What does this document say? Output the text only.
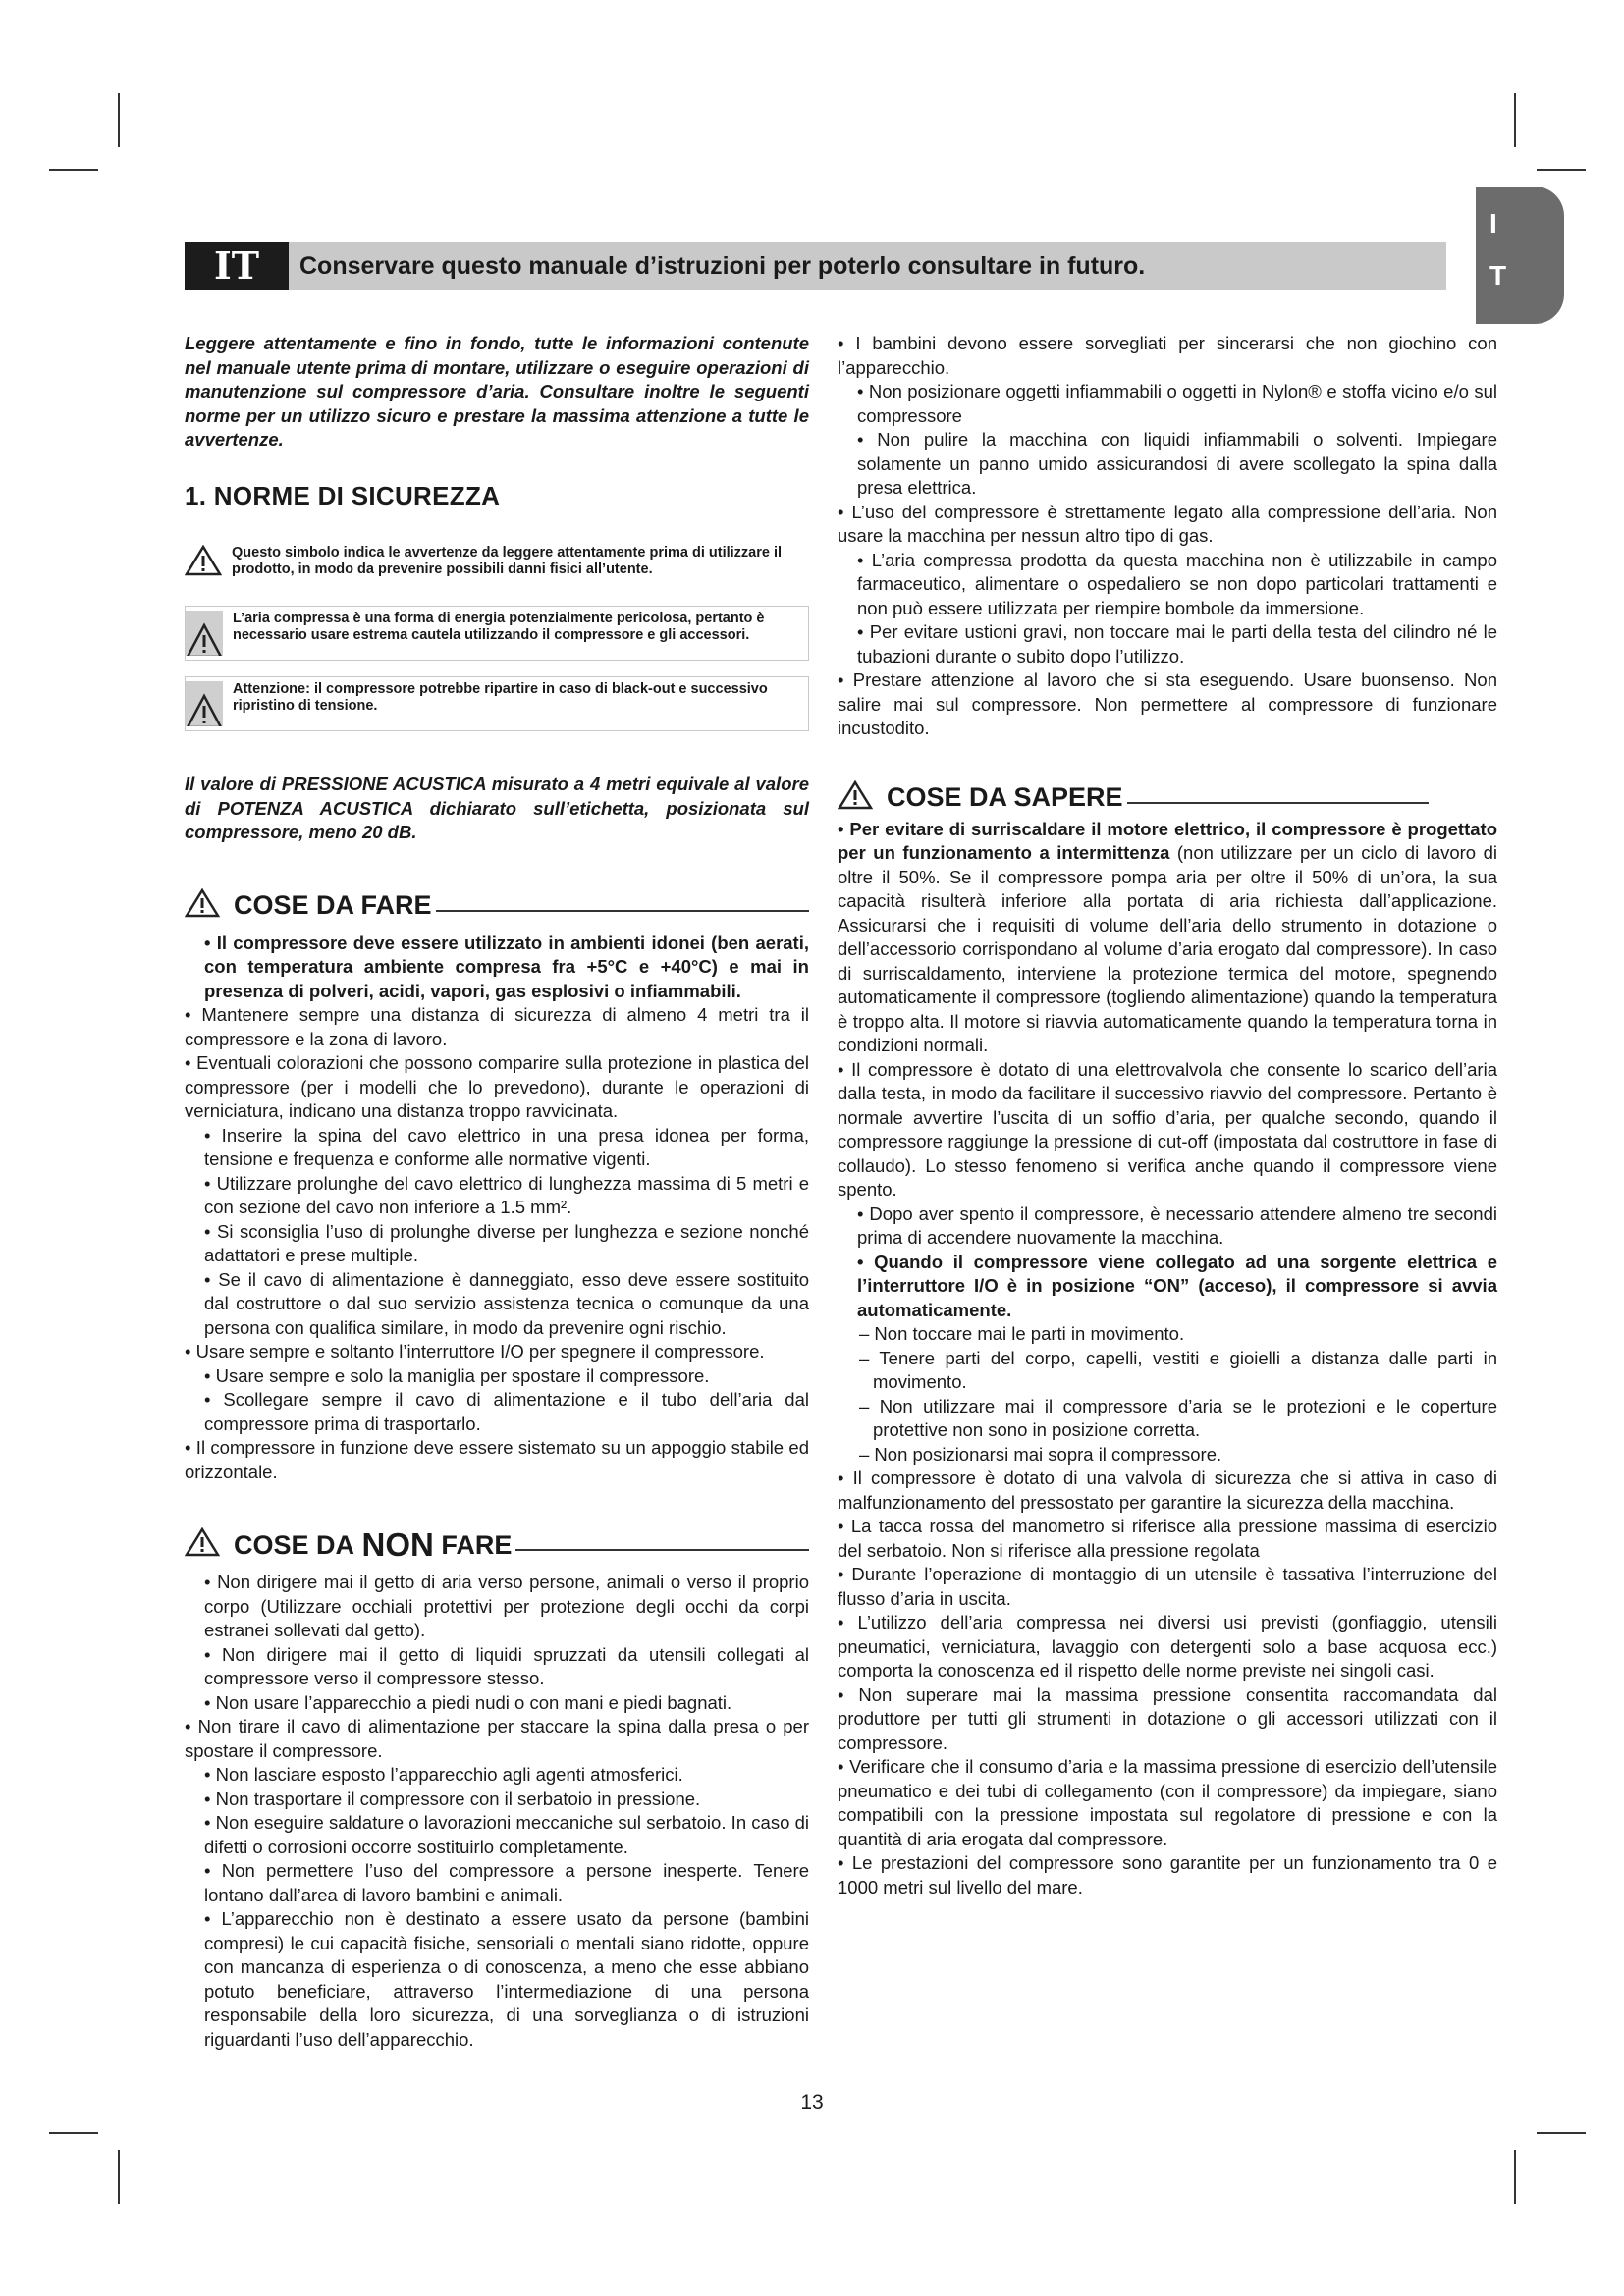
I
T
IT	Conservare questo manuale d’istruzioni per poterlo consultare in futuro.

Leggere attentamente e fino in fondo, tutte le informazioni contenute nel manuale utente prima di montare, utilizzare o eseguire operazioni di manutenzione sul compressore d’aria. Consultare inoltre le seguenti norme per un utilizzo sicuro e prestare la massima attenzione a tutte le avvertenze.

1. NORME DI SICUREZZA
Questo simbolo indica le avvertenze da leggere attentamente prima di utilizzare il prodotto, in modo da prevenire possibili danni fisici all’utente.
L’aria compressa è una forma di energia potenzialmente pericolosa, pertanto è necessario usare estrema cautela utilizzando il compressore e gli accessori.
Attenzione: il compressore potrebbe ripartire in caso di black-out e successivo ripristino di tensione.

Il valore di PRESSIONE ACUSTICA misurato a 4 metri equivale al valore di POTENZA ACUSTICA dichiarato sull’etichetta, posizionata sul compressore, meno 20 dB.

COSE DA FARE

• Il compressore deve essere utilizzato in ambienti idonei (ben aerati, con temperatura ambiente compresa fra +5°C e +40°C) e mai in presenza di polveri, acidi, vapori, gas esplosivi o infiammabili.

• Mantenere sempre una distanza di sicurezza di almeno 4 metri tra il compressore e la zona di lavoro.

• Eventuali colorazioni che possono comparire sulla protezione in plastica del compressore (per i modelli che lo prevedono), durante le operazioni di verniciatura, indicano una distanza troppo ravvicinata.

• Inserire la spina del cavo elettrico in una presa idonea per forma, tensione e frequenza e conforme alle normative vigenti.

• Utilizzare prolunghe del cavo elettrico di lunghezza massima di 5 metri e con sezione del cavo non inferiore a 1.5 mm².

• Si sconsiglia l’uso di prolunghe diverse per lunghezza e sezione nonché adattatori e prese multiple.

• Se il cavo di alimentazione è danneggiato, esso deve essere sostituito dal costruttore o dal suo servizio assistenza tecnica o comunque da una persona con qualifica similare, in modo da prevenire ogni rischio.

• Usare sempre e soltanto l’interruttore I/O per spegnere il compressore.

• Usare sempre e solo la maniglia per spostare il compressore.

• Scollegare sempre il cavo di alimentazione e il tubo dell’aria dal compressore prima di trasportarlo.

• Il compressore in funzione deve essere sistemato su un appoggio stabile ed orizzontale.

COSE DA
NON
FARE

• Non dirigere mai il getto di aria verso persone, animali o verso il proprio corpo (Utilizzare occhiali protettivi per protezione degli occhi da corpi estranei sollevati dal getto).

• Non dirigere mai il getto di liquidi spruzzati da utensili collegati al compressore verso il compressore stesso.

• Non usare l’apparecchio a piedi nudi o con mani e piedi bagnati.

• Non tirare il cavo di alimentazione per staccare la spina dalla presa o per spostare il compressore.

• Non lasciare esposto l’apparecchio agli agenti atmosferici.

• Non trasportare il compressore con il serbatoio in pressione.

• Non eseguire saldature o lavorazioni meccaniche sul serbatoio. In caso di difetti o corrosioni occorre sostituirlo completamente.

• Non permettere l’uso del compressore a persone inesperte. Tenere lontano dall’area di lavoro bambini e animali.

• L’apparecchio non è destinato a essere usato da persone (bambini compresi) le cui capacità fisiche, sensoriali o mentali siano ridotte, oppure con mancanza di esperienza o di conoscenza, a meno che esse abbiano potuto beneficiare, attraverso l’intermediazione di una persona responsabile della loro sicurezza, di una sorveglianza o di istruzioni riguardanti l’uso dell’apparecchio.

• I bambini devono essere sorvegliati per sincerarsi che non giochino con l’apparecchio.

• Non posizionare oggetti infiammabili o oggetti in Nylon® e stoffa vicino e/o sul compressore

• Non pulire la macchina con liquidi infiammabili o solventi. Impiegare solamente un panno umido assicurandosi di avere scollegato la spina dalla presa elettrica.

• L’uso del compressore è strettamente legato alla compressione dell’aria. Non usare la macchina per nessun altro tipo di gas.

• L’aria compressa prodotta da questa macchina non è utilizzabile in campo farmaceutico, alimentare o ospedaliero se non dopo particolari trattamenti e non può essere utilizzata per riempire bombole da immersione.

• Per evitare ustioni gravi, non toccare mai le parti della testa del cilindro né le tubazioni durante o subito dopo l’utilizzo.

• Prestare attenzione al lavoro che si sta eseguendo. Usare buonsenso. Non salire mai sul compressore. Non permettere al compressore di funzionare incustodito.

COSE DA SAPERE

• Per evitare di surriscaldare il motore elettrico, il compressore è progettato per un funzionamento a intermittenza (non utilizzare per un ciclo di lavoro di oltre il 50%. Se il compressore pompa aria per oltre il 50% di un’ora, la sua capacità risulterà inferiore alla portata di aria richiesta dall’applicazione. Assicurarsi che i requisiti di volume dell’aria dello strumento in dotazione o dell’accessorio corrispondano al volume d’aria erogato dal compressore). In caso di surriscaldamento, interviene la protezione termica del motore, spegnendo automaticamente il compressore (togliendo alimentazione) quando la temperatura è troppo alta. Il motore si riavvia automaticamente quando la temperatura torna in condizioni normali.

• Il compressore è dotato di una elettrovalvola che consente lo scarico dell’aria dalla testa, in modo da facilitare il successivo riavvio del compressore. Pertanto è normale avvertire l’uscita di un soffio d’aria, per qualche secondo, quando il compressore raggiunge la pressione di cut-off (impostata dal costruttore in fase di collaudo). Lo stesso fenomeno si verifica anche quando il compressore viene spento.

• Dopo aver spento il compressore, è necessario attendere almeno tre secondi prima di accendere nuovamente la macchina.

• Quando il compressore viene collegato ad una sorgente elettrica e l’interruttore I/O è in posizione “ON” (acceso), il compressore si avvia automaticamente.

– Non toccare mai le parti in movimento.

– Tenere parti del corpo, capelli, vestiti e gioielli a distanza dalle parti in movimento.

– Non utilizzare mai il compressore d’aria se le protezioni e le coperture protettive non sono in posizione corretta.

– Non posizionarsi mai sopra il compressore.

• Il compressore è dotato di una valvola di sicurezza che si attiva in caso di malfunzionamento del pressostato per garantire la sicurezza della macchina.

• La tacca rossa del manometro si riferisce alla pressione massima di esercizio del serbatoio. Non si riferisce alla pressione regolata

• Durante l’operazione di montaggio di un utensile è tassativa l’interruzione del flusso d’aria in uscita.

• L’utilizzo dell’aria compressa nei diversi usi previsti (gonfiaggio, utensili pneumatici, verniciatura, lavaggio con detergenti solo a base acquosa ecc.) comporta la conoscenza ed il rispetto delle norme previste nei singoli casi.

• Non superare mai la massima pressione consentita raccomandata dal produttore per tutti gli strumenti in dotazione o gli accessori utilizzati con il compressore.

• Verificare che il consumo d’aria e la massima pressione di esercizio dell’utensile pneumatico e dei tubi di collegamento (con il compressore) da impiegare, siano compatibili con la pressione impostata sul regolatore di pressione e con la quantità di aria erogata dal compressore.

• Le prestazioni del compressore sono garantite per un funzionamento tra 0 e 1000 metri sul livello del mare.

13
